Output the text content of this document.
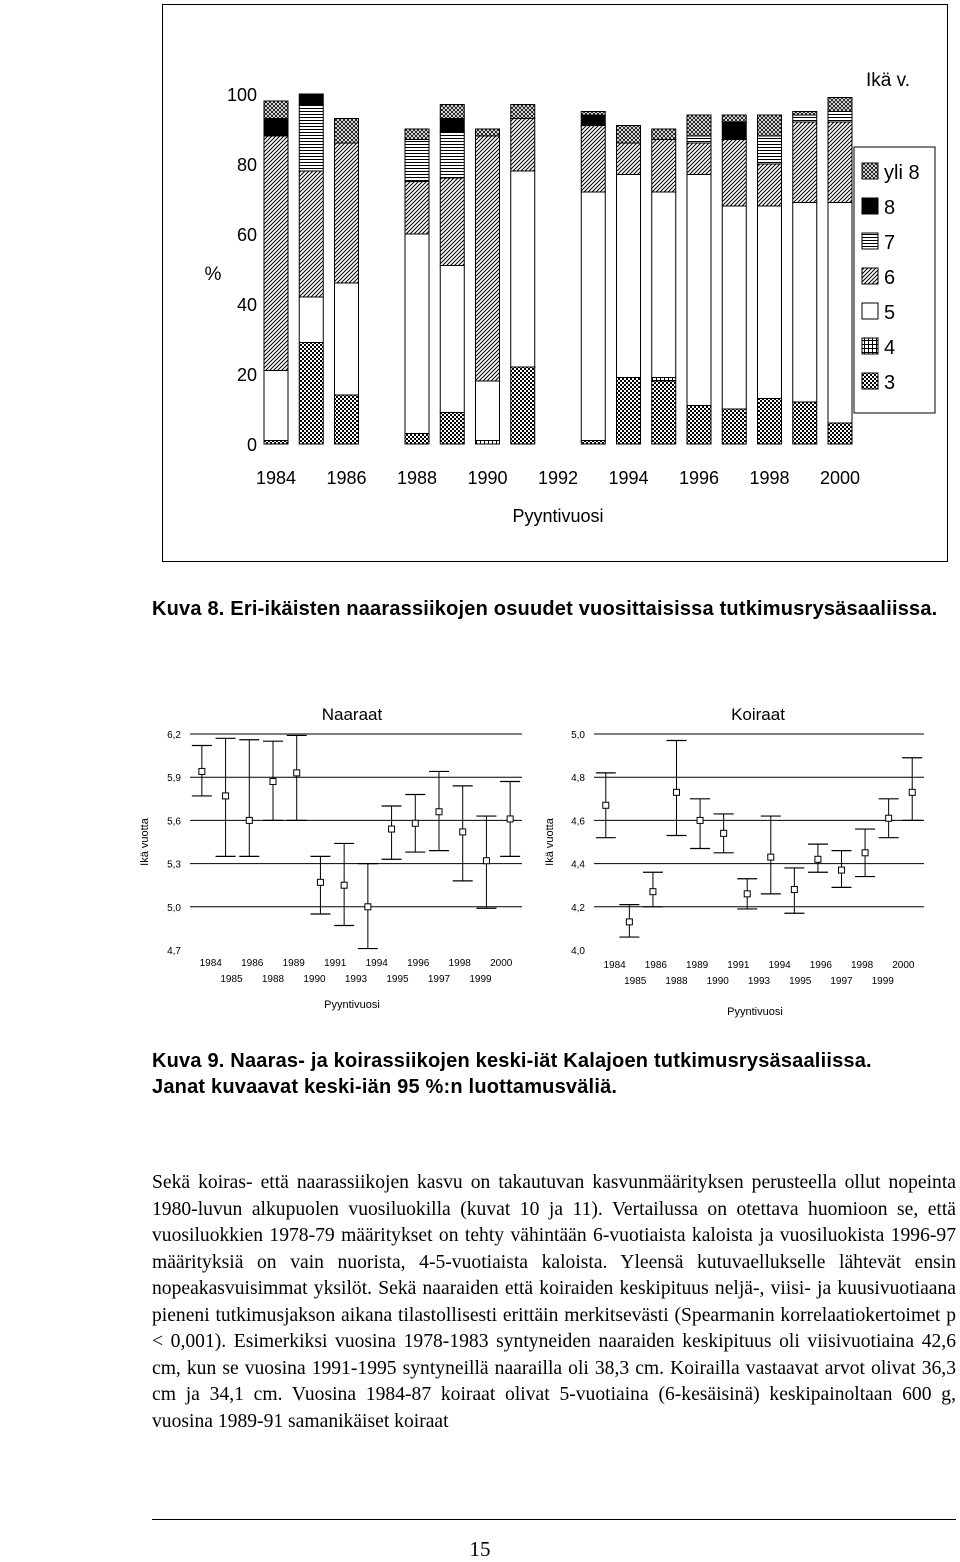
0
20
40
60
80
100
1984 1986 1988 1990 1992 1994 1996 1998 2000
%
Pyyntivuosi
Ikä v.
yli 8
8
7
6
5
4
3
Kuva 8. Eri-ikäisten naarassiikojen osuudet vuosittaisissa tutkimusrysäsaaliissa.
6,2
5,9
5,6
5,3
5,0
4,7
Naaraat
Ikä vuotta
1984 1986 1989 1991 1994 1996 1998 2000
1985 1988 1990 1993 1995 1997 1999
Pyyntivuosi
5,0
4,8
4,6
4,4
4,2
4,0
Koiraat
Ikä vuotta
1984 1986 1989 1991 1994 1996 1998 2000
1985 1988 1990 1993 1995 1997 1999
Pyyntivuosi
Kuva 9. Naaras- ja koirassiikojen keski-iät Kalajoen tutkimusrysäsaaliissa.
Janat kuvaavat keski-iän 95 %:n luottamusväliä.

Sekä koiras- että naarassiikojen kasvu on takautuvan kasvunmäärityksen perusteella ollut nopeinta 1980-luvun alkupuolen vuosiluokilla (kuvat 10 ja 11). Vertailussa on otettava huomioon se, että vuosiluokkien 1978-79 määritykset on tehty vähintään 6-vuotiaista kaloista ja vuosiluokista 1996-97 määrityksiä on vain nuorista, 4-5-vuotiaista kaloista. Yleensä kutuvaellukselle lähtevät ensin nopeakasvuisimmat yksilöt. Sekä naaraiden että koiraiden keskipituus neljä-, viisi- ja kuusivuotiaana pieneni tutkimusjakson aikana tilastollisesti erittäin merkitsevästi (Spearmanin korrelaatiokertoimet p < 0,001). Esimerkiksi vuosina 1978-1983 syntyneiden naaraiden keskipituus oli viisivuotiaina 42,6 cm, kun se vuosina 1991-1995 syntyneillä naarailla oli 38,3 cm. Koirailla vastaavat arvot olivat 36,3 cm ja 34,1 cm. Vuosina 1984-87 koiraat olivat 5-vuotiaina (6-kesäisinä) keskipainoltaan 600 g, vuosina 1989-91 samanikäiset koiraat

15
